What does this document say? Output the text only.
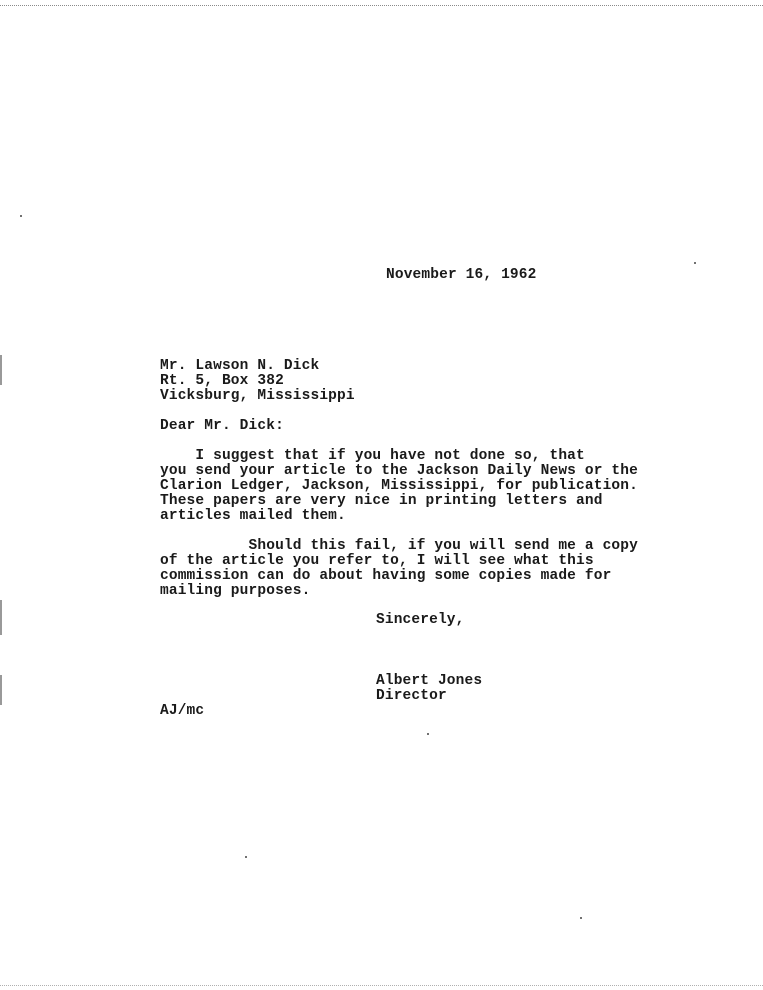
November 16, 1962
Mr. Lawson N. Dick
Rt. 5, Box 382
Vicksburg, Mississippi
Dear Mr. Dick:
I suggest that if you have not done so, that
you send your article to the Jackson Daily News or the
Clarion Ledger, Jackson, Mississippi, for publication.
These papers are very nice in printing letters and
articles mailed them.
Should this fail, if you will send me a copy
of the article you refer to, I will see what this
commission can do about having some copies made for
mailing purposes.
Sincerely,
Albert Jones
Director
AJ/mc
